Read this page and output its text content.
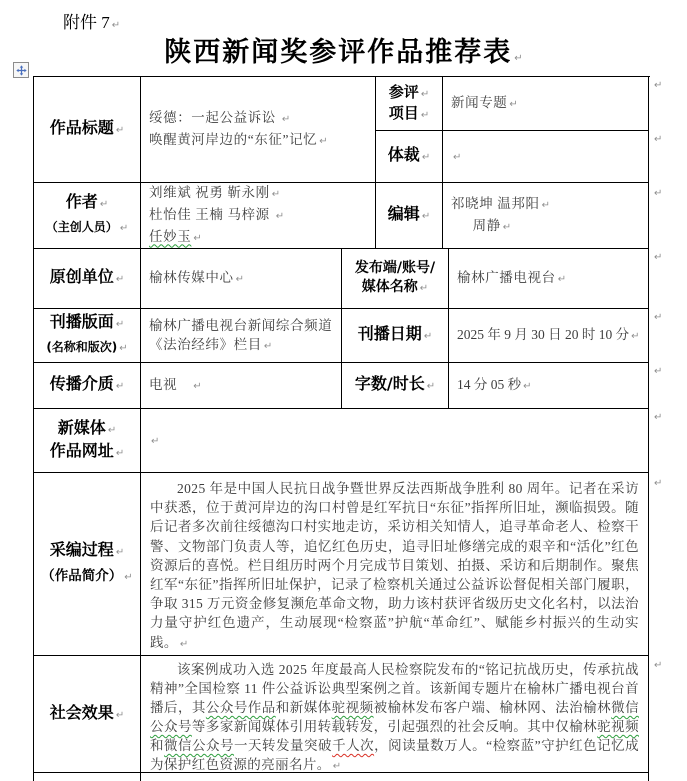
附件 7 ↵
陕西新闻奖参评作品推荐表 ↵
作品标题 ↵
绥德：一起公益诉讼 ↵
唤醒黄河岸边的“东征”记忆 ↵
参评 ↵
项目 ↵
新闻专题 ↵
体裁 ↵ ↵
作者 ↵
（主创人员） ↵
刘维斌 祝勇 靳永刚 ↵
杜怡佳 王楠 马梓源 ↵
任妙玉 ↵
编辑 ↵
祁晓坤 温邦阳 ↵
周静 ↵
原创单位 ↵ 榆林传媒中心 ↵
发布端/账号/
媒体名称 ↵
榆林广播电视台 ↵
刊播版面 ↵
(名称和版次) ↵
榆林广播电视台新闻综合频道《法治经纬》栏目 ↵
刊播日期 ↵ 2025 年 9 月 30 日 20 时 10 分 ↵
传播介质 ↵ 电视 ↵	字数/时长 ↵ 14 分 05 秒 ↵
新媒体 ↵
作品网址 ↵
↵
采编过程 ↵
（作品简介） ↵
2025 年是中国人民抗日战争暨世界反法西斯战争胜利 80 周年。记者在采访中获悉，位于黄河岸边的沟口村曾是红军抗日“东征”指挥所旧址，濒临损毁。随后记者多次前往绥德沟口村实地走访，采访相关知情人，追寻革命老人、检察干警、文物部门负责人等，追忆红色历史，追寻旧址修缮完成的艰辛和“活化”红色资源后的喜悦。栏目组历时两个月完成节目策划、拍摄、采访和后期制作。聚焦红军“东征”指挥所旧址保护，记录了检察机关通过公益诉讼督促相关部门履职，争取 315 万元资金修复濒危革命文物，助力该村获评省级历史文化名村，以法治力量守护红色遗产，生动展现“检察蓝”护航“革命红”、赋能乡村振兴的生动实践。 ↵
社会效果 ↵
该案例成功入选 2025 年度最高人民检察院发布的“铭记抗战历史，传承抗战精神”全国检察 11 件公益诉讼典型案例之首。该新闻专题片在榆林广播电视台首播后，其公众号作品和新媒体驼视频被榆林发布客户端、榆林网、法治榆林微信公众号等多家新闻媒体引用转载转发，引起强烈的社会反响。其中仅榆林驼视频和微信公众号一天转发量突破千人次，阅读量数万人。“检察蓝”守护红色记忆成为保护红色资源的亮丽名片。 ↵
↵
↵
↵
↵
↵
↵
↵
↵
↵
